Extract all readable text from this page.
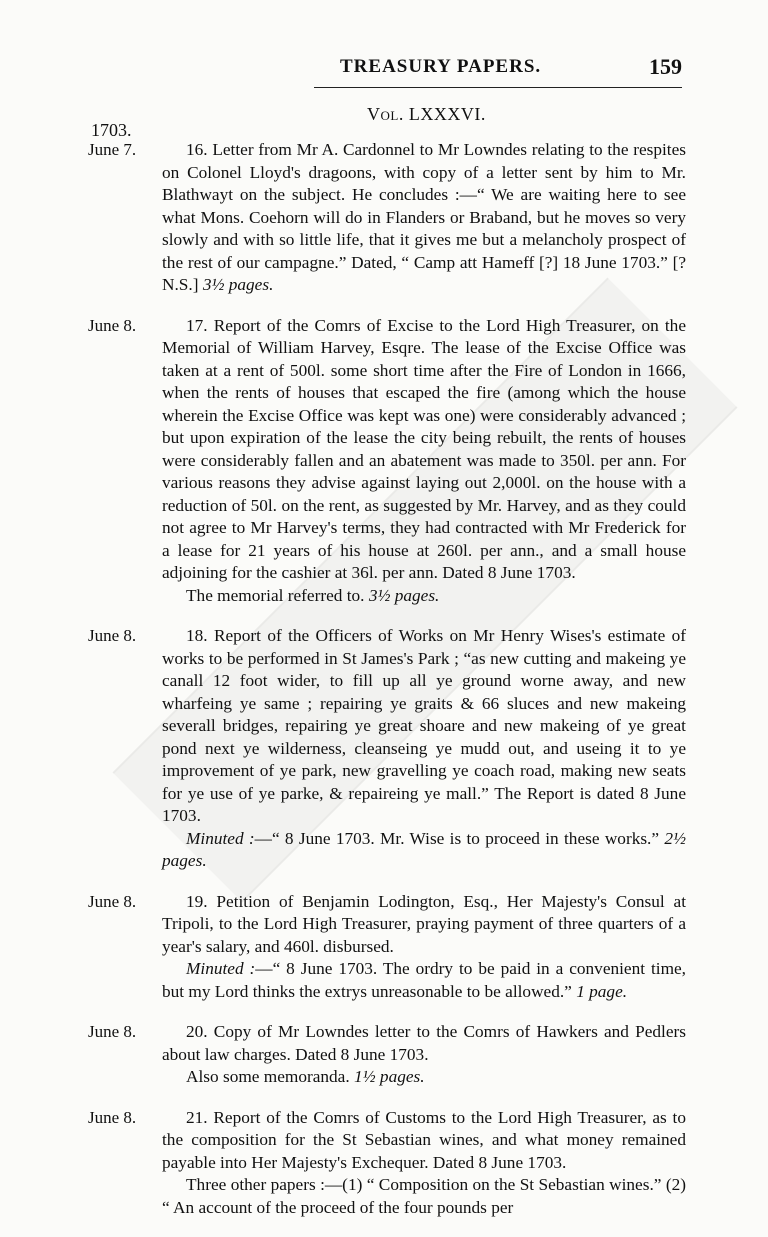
TREASURY PAPERS.	159
Vol. LXXXVI.
1703.
June 7.	16. Letter from Mr A. Cardonnel to Mr Lowndes relating to the respites on Colonel Lloyd's dragoons, with copy of a letter sent by him to Mr. Blathwayt on the subject. He concludes :—“ We are waiting here to see what Mons. Coehorn will do in Flanders or Braband, but he moves so very slowly and with so little life, that it gives me but a melancholy prospect of the rest of our campagne.” Dated, “ Camp att Hameff [?] 18 June 1703.” [? N.S.] 3½ pages.

June 8.	17. Report of the Comrs of Excise to the Lord High Treasurer, on the Memorial of William Harvey, Esqre. The lease of the Excise Office was taken at a rent of 500l. some short time after the Fire of London in 1666, when the rents of houses that escaped the fire (among which the house wherein the Excise Office was kept was one) were considerably advanced ; but upon expiration of the lease the city being rebuilt, the rents of houses were considerably fallen and an abatement was made to 350l. per ann. For various reasons they advise against laying out 2,000l. on the house with a reduction of 50l. on the rent, as suggested by Mr. Harvey, and as they could not agree to Mr Harvey's terms, they had contracted with Mr Frederick for a lease for 21 years of his house at 260l. per ann., and a small house adjoining for the cashier at 36l. per ann. Dated 8 June 1703.

The memorial referred to. 3½ pages.

June 8.	18. Report of the Officers of Works on Mr Henry Wises's estimate of works to be performed in St James's Park ; “as new cutting and makeing ye canall 12 foot wider, to fill up all ye ground worne away, and new wharfeing ye same ; repairing ye graits & 66 sluces and new makeing severall bridges, repairing ye great shoare and new makeing of ye great pond next ye wilderness, cleanseing ye mudd out, and useing it to ye improvement of ye park, new gravelling ye coach road, making new seats for ye use of ye parke, & repaireing ye mall.” The Report is dated 8 June 1703.

Minuted :—“ 8 June 1703. Mr. Wise is to proceed in these works.” 2½ pages.

June 8.	19. Petition of Benjamin Lodington, Esq., Her Majesty's Consul at Tripoli, to the Lord High Treasurer, praying payment of three quarters of a year's salary, and 460l. disbursed.

Minuted :—“ 8 June 1703. The ordry to be paid in a convenient time, but my Lord thinks the extrys unreasonable to be allowed.” 1 page.

June 8.	20. Copy of Mr Lowndes letter to the Comrs of Hawkers and Pedlers about law charges. Dated 8 June 1703.

Also some memoranda. 1½ pages.

June 8.	21. Report of the Comrs of Customs to the Lord High Treasurer, as to the composition for the St Sebastian wines, and what money remained payable into Her Majesty's Exchequer. Dated 8 June 1703.

Three other papers :—(1) “ Composition on the St Sebastian wines.” (2) “ An account of the proceed of the four pounds per
